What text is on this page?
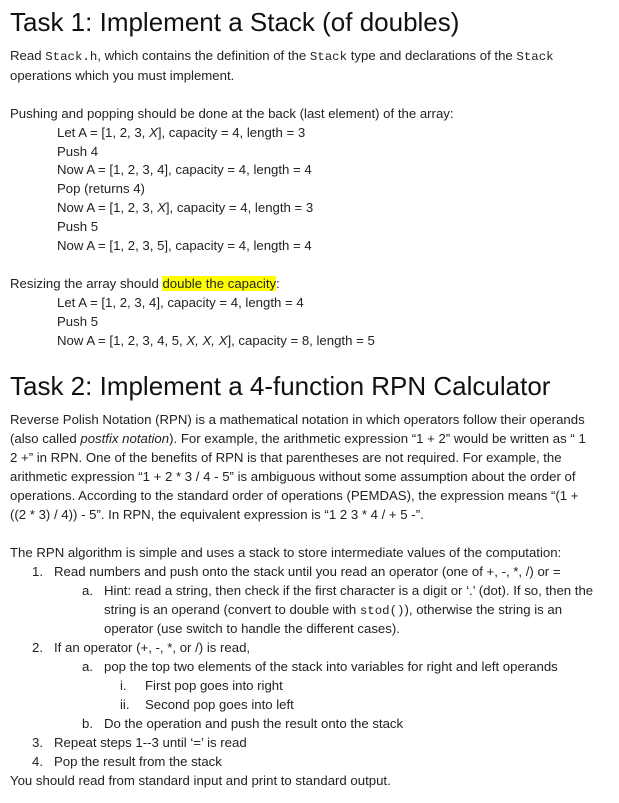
Task 1: Implement a Stack (of doubles)

Read Stack.h, which contains the definition of the Stack type and declarations of the Stack
operations which you must implement.

Pushing and popping should be done at the back (last element) of the array:

Let A = [1, 2, 3, X], capacity = 4, length = 3
Push 4
Now A = [1, 2, 3, 4], capacity = 4, length = 4
Pop (returns 4)
Now A = [1, 2, 3, X], capacity = 4, length = 3
Push 5
Now A = [1, 2, 3, 5], capacity = 4, length = 4

Resizing the array should double the capacity:

Let A = [1, 2, 3, 4], capacity = 4, length = 4
Push 5
Now A = [1, 2, 3, 4, 5, X, X, X], capacity = 8, length = 5
Task 2: Implement a 4-function RPN Calculator

Reverse Polish Notation (RPN) is a mathematical notation in which operators follow their operands (also called postfix notation). For example, the arithmetic expression “1 + 2” would be written as “ 1 2 +” in RPN. One of the benefits of RPN is that parentheses are not required. For example, the arithmetic expression “1 + 2 * 3 / 4 - 5” is ambiguous without some assumption about the order of operations. According to the standard order of operations (PEMDAS), the expression means “(1 + ((2 * 3) / 4)) - 5”. In RPN, the equivalent expression is “1 2 3 * 4 / + 5 -”.

The RPN algorithm is simple and uses a stack to store intermediate values of the computation:

1. Read numbers and push onto the stack until you read an operator (one of +, -, *, /) or =
a. Hint: read a string, then check if the first character is a digit or ‘.’ (dot). If so, then the string is an operand (convert to double with stod()), otherwise the string is an operator (use switch to handle the different cases).
2. If an operator (+, -, *, or /) is read,
a. pop the top two elements of the stack into variables for right and left operands
i. First pop goes into right
ii. Second pop goes into left
b. Do the operation and push the result onto the stack
3. Repeat steps 1--3 until ‘=’ is read
4. Pop the result from the stack

You should read from standard input and print to standard output.
